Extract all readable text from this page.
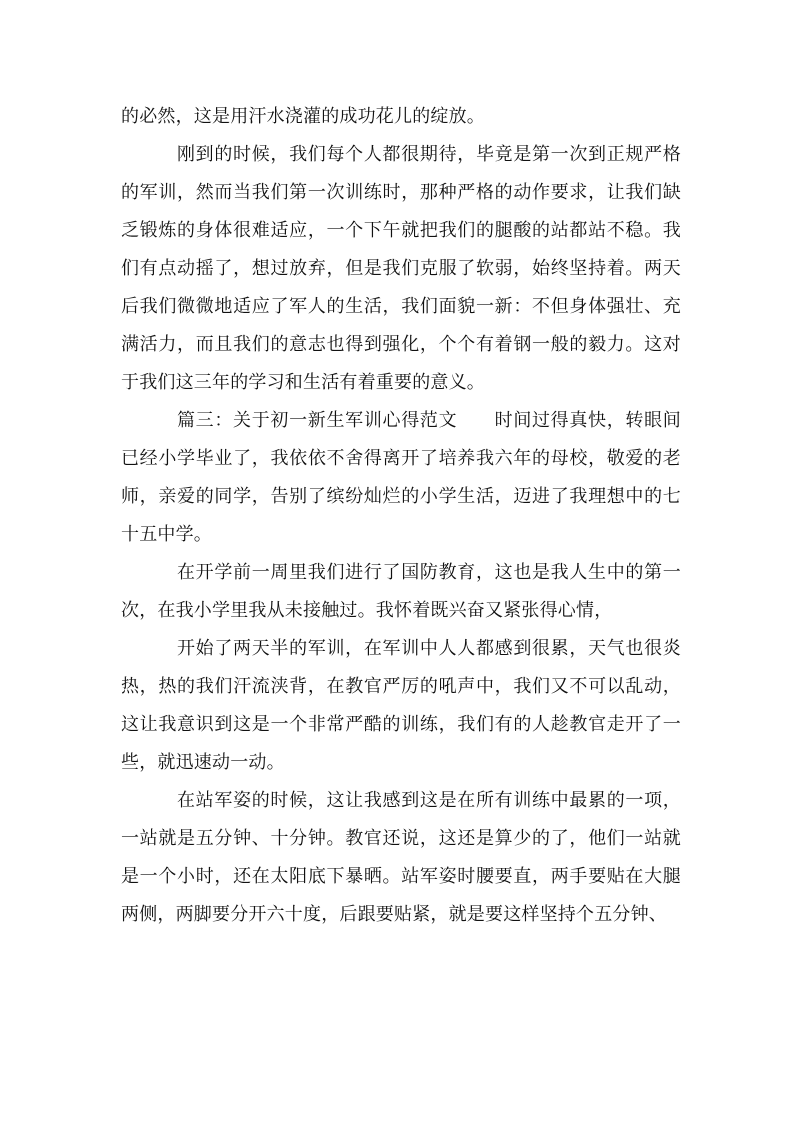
的必然，这是用汗水浇灌的成功花儿的绽放。

刚到的时候，我们每个人都很期待，毕竟是第一次到正规严格的军训，然而当我们第一次训练时，那种严格的动作要求，让我们缺乏锻炼的身体很难适应，一个下午就把我们的腿酸的站都站不稳。我们有点动摇了，想过放弃，但是我们克服了软弱，始终坚持着。两天后我们微微地适应了军人的生活，我们面貌一新：不但身体强壮、充满活力，而且我们的意志也得到强化，个个有着钢一般的毅力。这对于我们这三年的学习和生活有着重要的意义。

篇三：关于初一新生军训心得范文　　时间过得真快，转眼间已经小学毕业了，我依依不舍得离开了培养我六年的母校，敬爱的老师，亲爱的同学，告别了缤纷灿烂的小学生活，迈进了我理想中的七十五中学。

在开学前一周里我们进行了国防教育，这也是我人生中的第一次，在我小学里我从未接触过。我怀着既兴奋又紧张得心情，

开始了两天半的军训，在军训中人人都感到很累，天气也很炎热，热的我们汗流浃背，在教官严厉的吼声中，我们又不可以乱动，这让我意识到这是一个非常严酷的训练，我们有的人趁教官走开了一些，就迅速动一动。

在站军姿的时候，这让我感到这是在所有训练中最累的一项，一站就是五分钟、十分钟。教官还说，这还是算少的了，他们一站就是一个小时，还在太阳底下暴晒。站军姿时腰要直，两手要贴在大腿两侧，两脚要分开六十度，后跟要贴紧，就是要这样坚持个五分钟、
